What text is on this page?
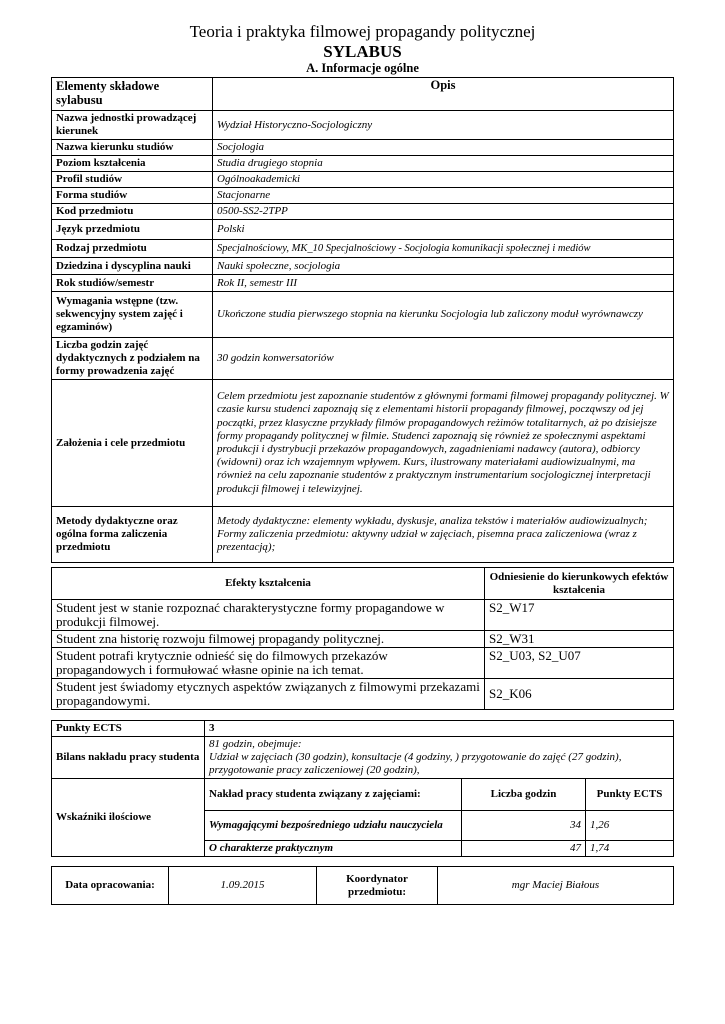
Teoria i praktyka filmowej propagandy politycznej
SYLABUS
A. Informacje ogólne
Elementy składowe sylabusu	Opis
Nazwa jednostki prowadzącej kierunek	Wydział Historyczno-Socjologiczny
Nazwa kierunku studiów	Socjologia
Poziom kształcenia	Studia drugiego stopnia
Profil studiów	Ogólnoakademicki
Forma studiów	Stacjonarne
Kod przedmiotu	0500-SS2-2TPP
Język przedmiotu	Polski
Rodzaj przedmiotu	Specjalnościowy, MK_10 Specjalnościowy - Socjologia komunikacji społecznej i mediów
Dziedzina i dyscyplina nauki	Nauki społeczne, socjologia
Rok studiów/semestr	Rok II, semestr III
Wymagania wstępne (tzw. sekwencyjny system zajęć i egzaminów)	Ukończone studia pierwszego stopnia na kierunku Socjologia lub zaliczony moduł wyrównawczy
Liczba godzin zajęć dydaktycznych z podziałem na formy prowadzenia zajęć	30 godzin konwersatoriów
Założenia i cele przedmiotu	Celem przedmiotu jest zapoznanie studentów z głównymi formami filmowej propagandy politycznej. W czasie kursu studenci zapoznają się z elementami historii propagandy filmowej, począwszy od jej początki, przez klasyczne przykłady filmów propagandowych reżimów totalitarnych, aż po dzisiejsze formy propagandy politycznej w filmie. Studenci zapoznają się również ze społecznymi aspektami produkcji i dystrybucji przekazów propagandowych, zagadnieniami nadawcy (autora), odbiorcy (widowni) oraz ich wzajemnym wpływem. Kurs, ilustrowany materiałami audiowizualnymi, ma również na celu zapoznanie studentów z praktycznym instrumentarium socjologicznej interpretacji produkcji filmowej i telewizyjnej.
Metody dydaktyczne oraz ogólna forma zaliczenia przedmiotu	Metody dydaktyczne: elementy wykładu, dyskusje, analiza tekstów i materiałów audiowizualnych;
Formy zaliczenia przedmiotu: aktywny udział w zajęciach, pisemna praca zaliczeniowa (wraz z prezentacją);
Efekty kształcenia	Odniesienie do kierunkowych efektów kształcenia
Student jest w stanie rozpoznać charakterystyczne formy propagandowe w produkcji filmowej.	S2_W17
Student zna historię rozwoju filmowej propagandy politycznej.	S2_W31
Student potrafi krytycznie odnieść się do filmowych przekazów propagandowych i formułować własne opinie na ich temat.	S2_U03, S2_U07
Student jest świadomy etycznych aspektów związanych z filmowymi przekazami propagandowymi.	S2_K06
Punkty ECTS	3		
Bilans nakładu pracy studenta	81 godzin, obejmuje:
Udział w zajęciach (30 godzin), konsultacje (4 godziny, ) przygotowanie do zajęć (27 godzin), przygotowanie pracy zaliczeniowej (20 godzin),		

Wskaźniki ilościowe	Nakład pracy studenta związany z zajęciami:	Liczba godzin	Punkty ECTS
	Wymagającymi bezpośredniego udziału nauczyciela	34	1,26
	O charakterze praktycznym	47	1,74
Data opracowania:	1.09.2015	Koordynator przedmiotu:	mgr Maciej Białous
